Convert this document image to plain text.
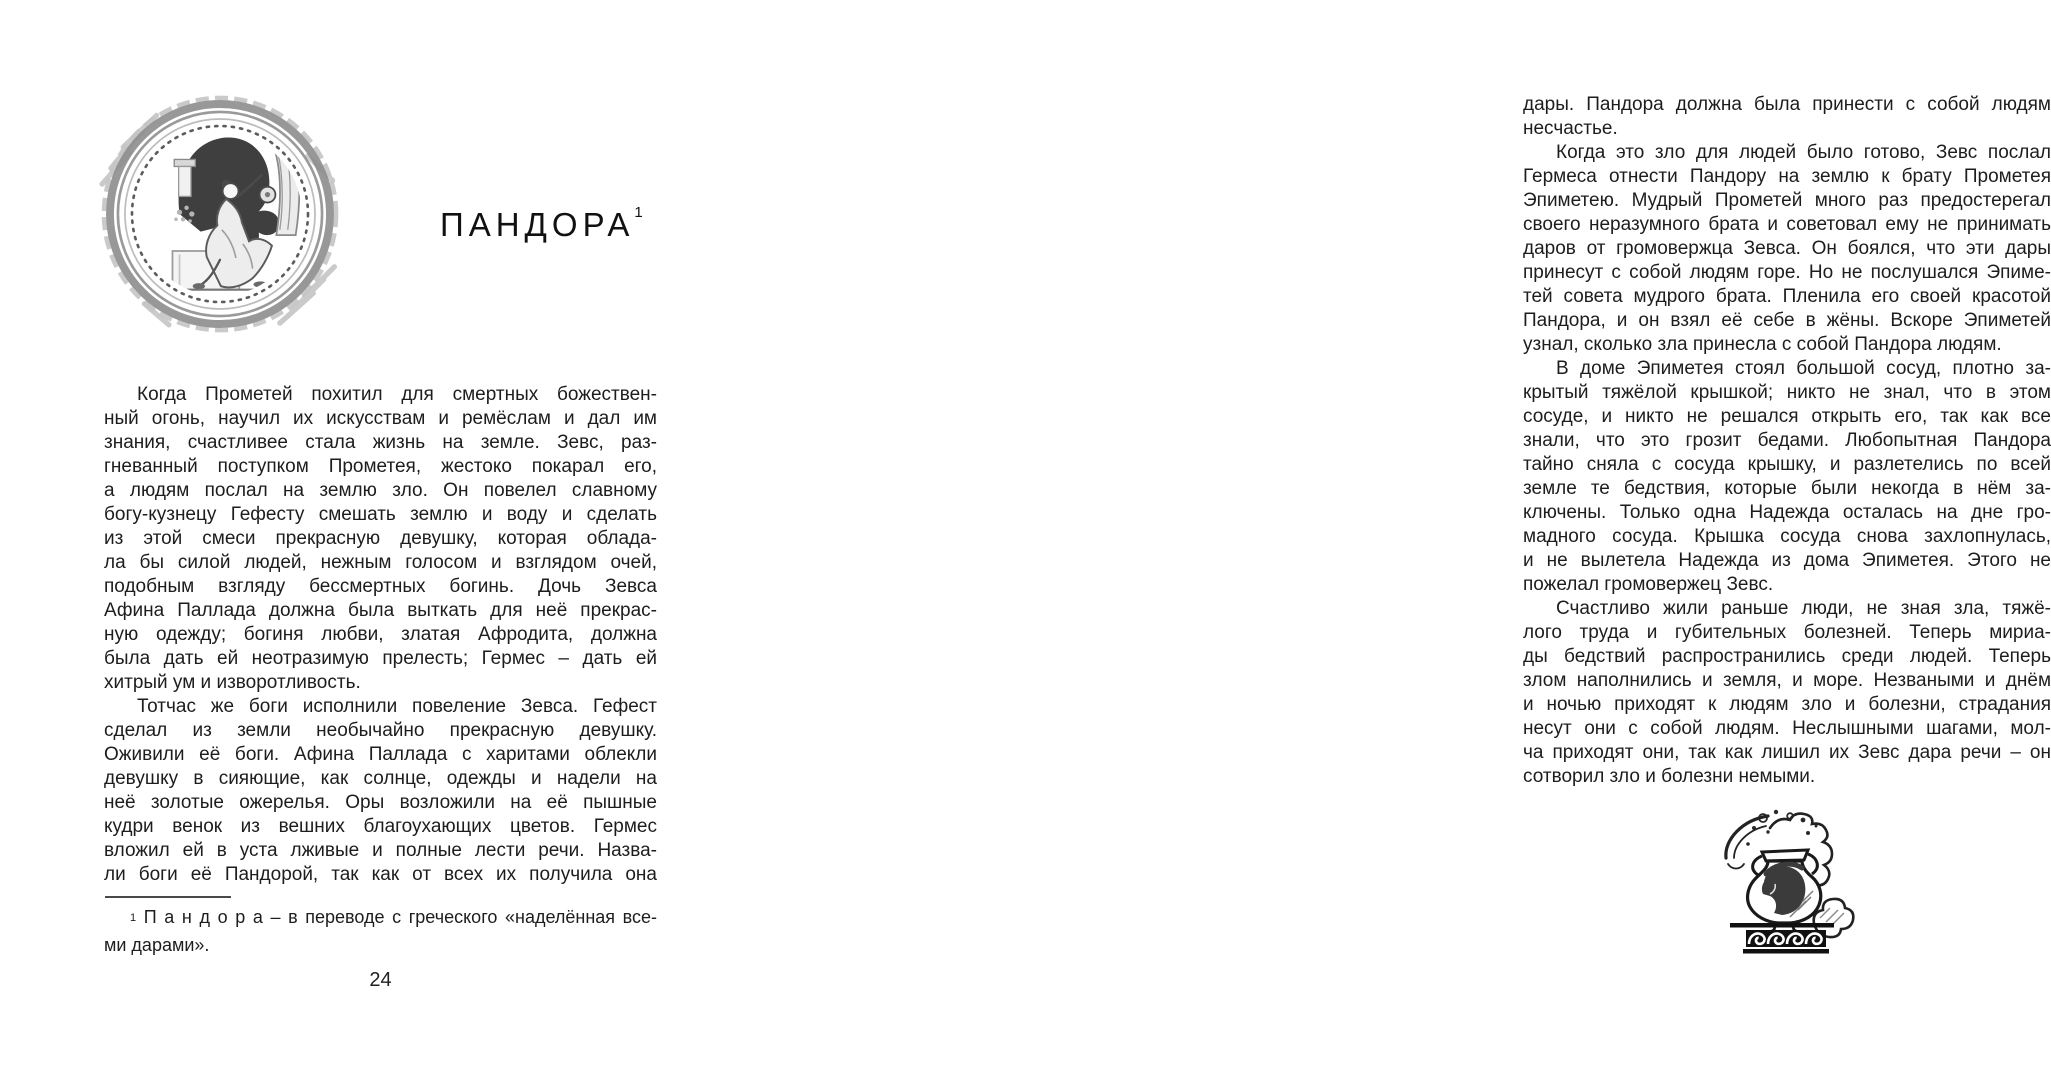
ПАНДОРА$^1$
Когда Прометей похитил для смертных божествен-
ный огонь, научил их искусствам и ремёслам и дал им
знания, счастливее стала жизнь на земле. Зевс, раз-
гневанный поступком Прометея, жестоко покарал его,
а людям послал на землю зло. Он повелел славному
богу-кузнецу Гефесту смешать землю и воду и сделать
из этой смеси прекрасную девушку, которая облада-
ла бы силой людей, нежным голосом и взглядом очей,
подобным взгляду бессмертных богинь. Дочь Зевса
Афина Паллада должна была выткать для неё прекрас-
ную одежду; богиня любви, златая Афродита, должна
была дать ей неотразимую прелесть; Гермес – дать ей
хитрый ум и изворотливость.
Тотчас же боги исполнили повеление Зевса. Гефест
сделал из земли необычайно прекрасную девушку.
Оживили её боги. Афина Паллада с харитами облекли
девушку в сияющие, как солнце, одежды и надели на
неё золотые ожерелья. Оры возложили на её пышные
кудри венок из вешних благоухающих цветов. Гермес
вложил ей в уста лживые и полные лести речи. Назва-
ли боги её Пандорой, так как от всех их получила она
$^1$ П а н д о р а – в переводе с греческого «наделённая все-
ми дарами».
24
дары. Пандора должна была принести с собой людям
несчастье.
Когда это зло для людей было готово, Зевс послал
Гермеса отнести Пандору на землю к брату Прометея
Эпиметею. Мудрый Прометей много раз предостерегал
своего неразумного брата и советовал ему не принимать
даров от громовержца Зевса. Он боялся, что эти дары
принесут с собой людям горе. Но не послушался Эпиме-
тей совета мудрого брата. Пленила его своей красотой
Пандора, и он взял её себе в жёны. Вскоре Эпиметей
узнал, сколько зла принесла с собой Пандора людям.
В доме Эпиметея стоял большой сосуд, плотно за-
крытый тяжёлой крышкой; никто не знал, что в этом
сосуде, и никто не решался открыть его, так как все
знали, что это грозит бедами. Любопытная Пандора
тайно сняла с сосуда крышку, и разлетелись по всей
земле те бедствия, которые были некогда в нём за-
ключены. Только одна Надежда осталась на дне гро-
мадного сосуда. Крышка сосуда снова захлопнулась,
и не вылетела Надежда из дома Эпиметея. Этого не
пожелал громовержец Зевс.
Счастливо жили раньше люди, не зная зла, тяжё-
лого труда и губительных болезней. Теперь мириа-
ды бедствий распространились среди людей. Теперь
злом наполнились и земля, и море. Незваными и днём
и ночью приходят к людям зло и болезни, страдания
несут они с собой людям. Неслышными шагами, мол-
ча приходят они, так как лишил их Зевс дара речи – он
сотворил зло и болезни немыми.
